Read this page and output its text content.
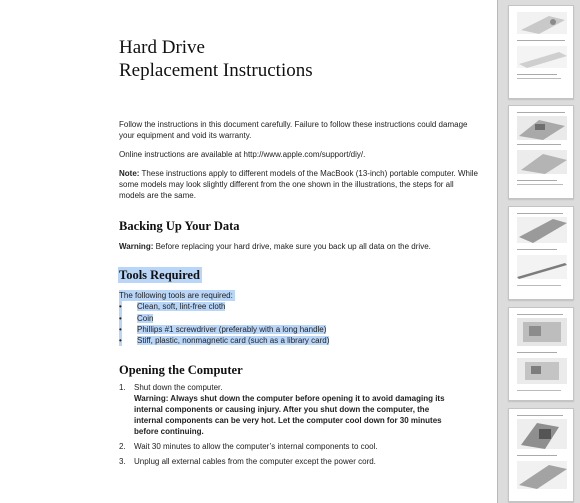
Hard Drive
Replacement Instructions
Follow the instructions in this document carefully. Failure to follow these instructions could damage your equipment and void its warranty.
Online instructions are available at http://www.apple.com/support/diy/.
Note: These instructions apply to different models of the MacBook (13-inch) portable computer. While some models may look slightly different from the one shown in the illustrations, the steps for all models are the same.
Backing Up Your Data
Warning: Before replacing your hard drive, make sure you back up all data on the drive.
Tools Required
The following tools are required:
• Clean, soft, lint-free cloth
• Coin
• Phillips #1 screwdriver (preferably with a long handle)
• Stiff, plastic, nonmagnetic card (such as a library card)
Opening the Computer
1. Shut down the computer.
Warning: Always shut down the computer before opening it to avoid damaging its internal components or causing injury. After you shut down the computer, the internal components can be very hot. Let the computer cool down for 30 minutes before continuing.
2. Wait 30 minutes to allow the computer’s internal components to cool.
3. Unplug all external cables from the computer except the power cord.
